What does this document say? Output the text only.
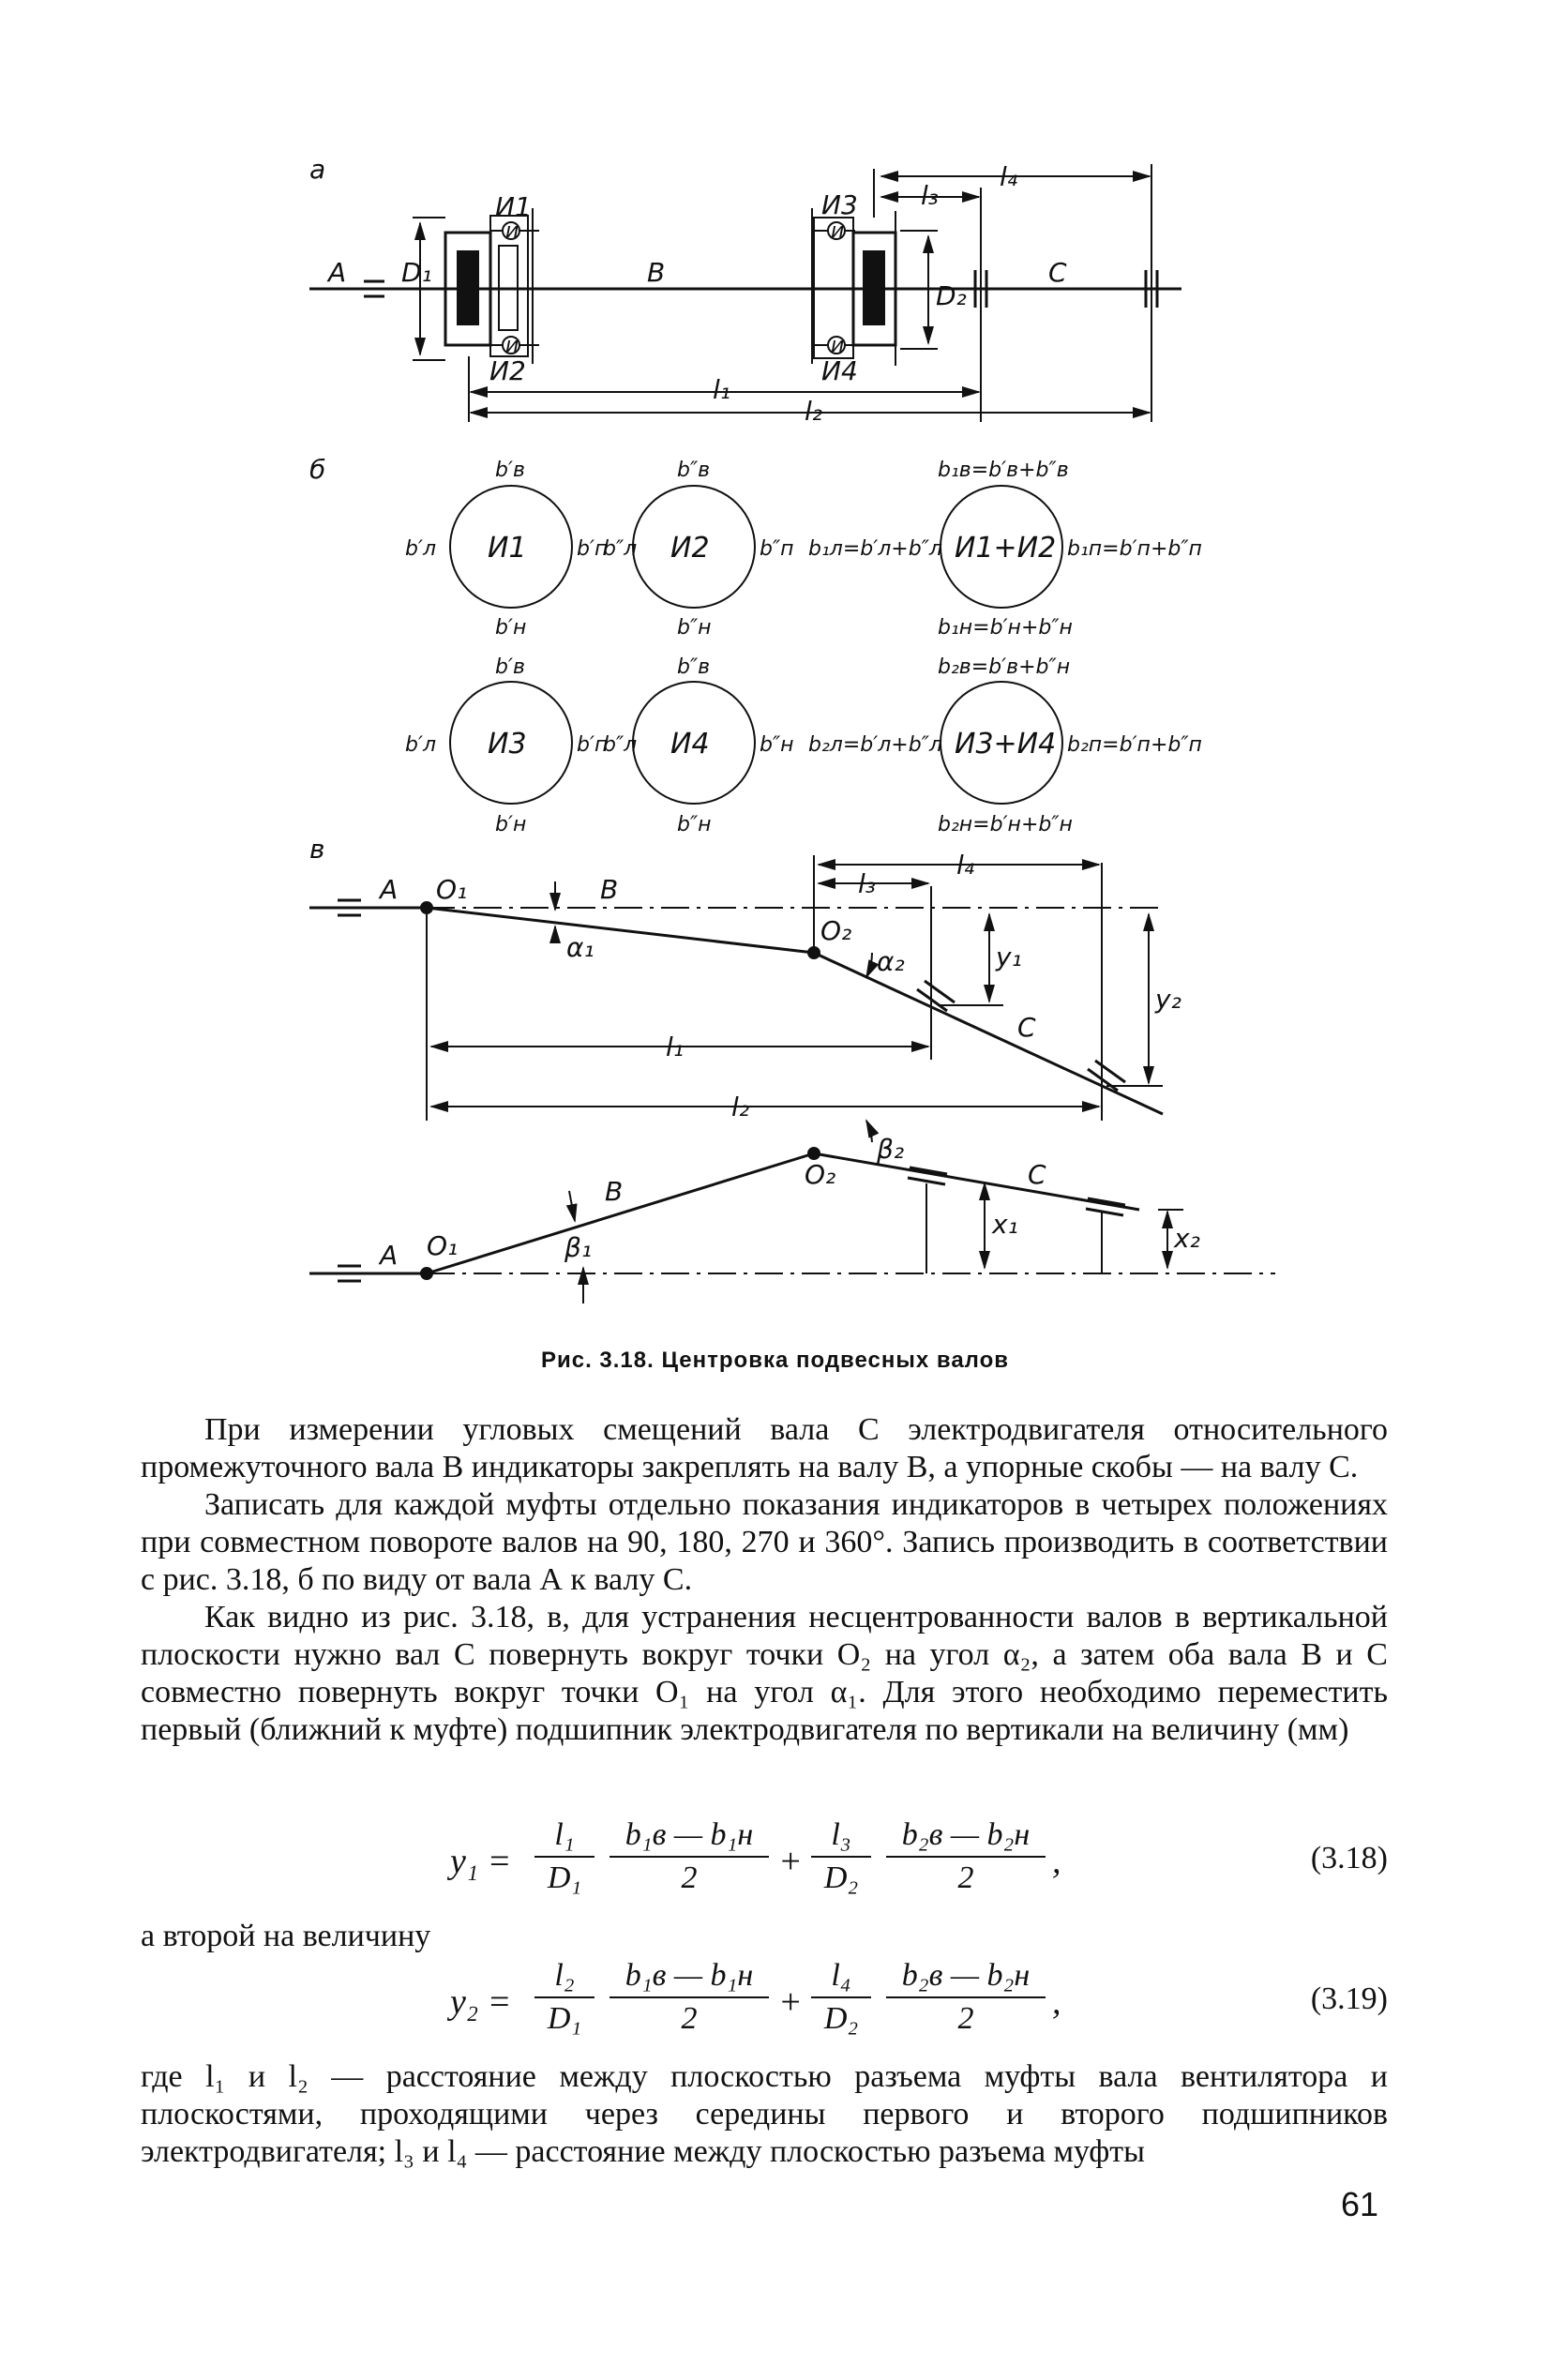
а
А	В	С
И1
И2
И3
И4
и
и
и
и
D₁
D₂
l₄
l₃
l₁
l₂
б
И1
b′в
b′н
b′л	b′п И2
b″в
b″н
b″л	b″п	И1+И2
b₁в=b′в+b″в
b₁н=b′н+b″н
b₁л=b′л+b″л	b₁п=b′п+b″п
И3
b′в
b′н
b′л	b′п И4
b″в
b″н
b″л	b″н	И3+И4
b₂в=b′в+b″н
b₂н=b′н+b″н
b₂л=b′л+b″л	b₂п=b′п+b″п
в
А O₁	В
O₂
С
α₁	α₂	y₁
y₂
l₃
l₄
l₁
l₂
А O₁
В
O₂	С
β₁
β₂
x₁	x₂
Рис. 3.18. Центровка подвесных валов

При измерении угловых смещений вала С электродвигателя относительного промежуточного вала В индикаторы закреплять на валу В, а упорные скобы — на валу С.

Записать для каждой муфты отдельно показания индикаторов в четырех положениях при совместном повороте валов на 90, 180, 270 и 360°. Запись производить в соответствии с рис. 3.18, б по виду от вала А к валу С.

Как видно из рис. 3.18, в, для устранения несцентрованности валов в вертикальной плоскости нужно вал С повернуть вокруг точки O₂ на угол α₂, а затем оба вала В и С совместно повернуть вокруг точки O₁ на угол α₁. Для этого необходимо переместить первый (ближний к муфте) подшипник электродвигателя по вертикали на величину (мм)

$y_1 = \frac{\text{l₁}}{\text{D₁}} b_1в$ — b₁н
2	+ $\frac{\text{l₃}}{\text{D₂}} b_2в$ — b₂н
2	,	(3.18)
а второй на величину
$y_2 = \frac{\text{l₂}}{\text{D₁}} b_1в$ — b₁н
2	+ $\frac{\text{l₄}}{\text{D₂}} b_2в$ — b₂н
2	,	(3.19)

где l₁ и l₂ — расстояние между плоскостью разъема муфты вала вентилятора и плоскостями, проходящими через середины первого и второго подшипников электродвигателя; l₃ и l₄ — расстояние между плоскостью разъема муфты

61
